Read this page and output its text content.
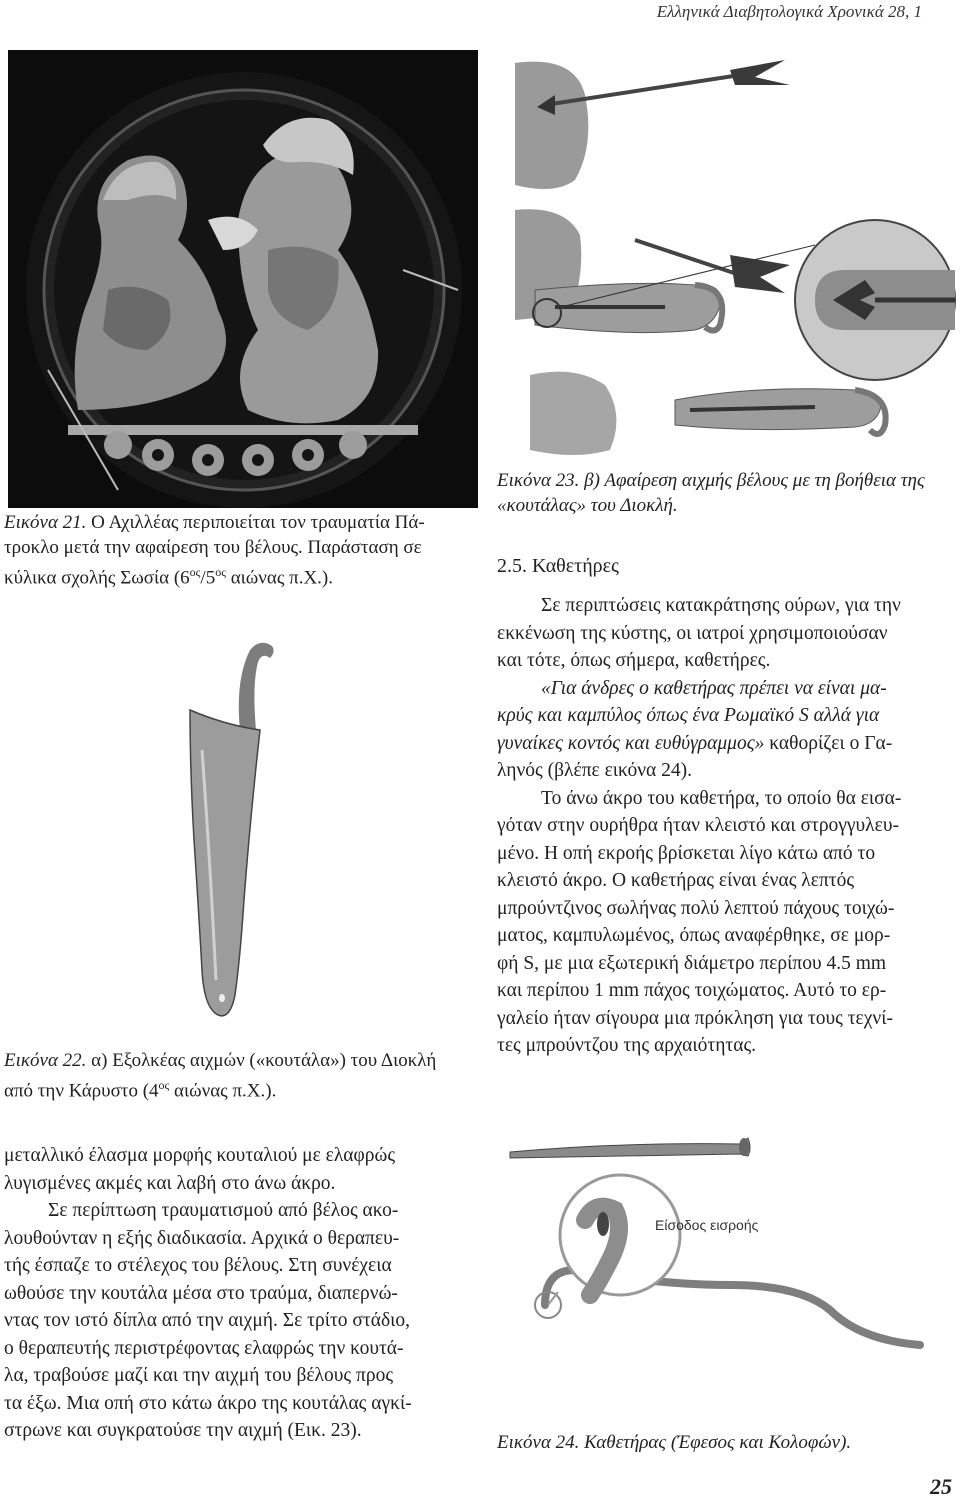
Ελληνικά Διαβητολογικά Χρονικά 28, 1
Εικόνα 21. Ο Αχιλλέας περιποιείται τον τραυματία Πά-
τροκλο μετά την αφαίρεση του βέλους. Παράσταση σε
κύλικα σχολής Σωσία ($6^{o\varsigma}/5^{o\varsigma}$ αιώνας π.Χ.).
Εικόνα 22. α) Εξολκέας αιχμών («κουτάλα») του Διοκλή
από την Κάρυστο ($4^{o\varsigma}$ αιώνας π.Χ.).
Εικόνα 23. β) Αφαίρεση αιχμής βέλους με τη βοήθεια της
«κουτάλας» του Διοκλή.
2.5. Καθετήρες

Σε περιπτώσεις κατακράτησης ούρων, για την
εκκένωση της κύστης, οι ιατροί χρησιμοποιούσαν
και τότε, όπως σήμερα, καθετήρες.

«Για άνδρες ο καθετήρας πρέπει να είναι μα-
κρύς και καμπύλος όπως ένα Ρωμαϊκό S αλλά για
γυναίκες κοντός και ευθύγραμμος» καθορίζει ο Γα-
ληνός (βλέπε εικόνα 24).

Το άνω άκρο του καθετήρα, το οποίο θα εισα-
γόταν στην ουρήθρα ήταν κλειστό και στρογγυλευ-
μένο. Η οπή εκροής βρίσκεται λίγο κάτω από το
κλειστό άκρο. Ο καθετήρας είναι ένας λεπτός
μπρούντζινος σωλήνας πολύ λεπτού πάχους τοιχώ-
ματος, καμπυλωμένος, όπως αναφέρθηκε, σε μορ-
φή S, με μια εξωτερική διάμετρο περίπου 4.5 mm
και περίπου 1 mm πάχος τοιχώματος. Αυτό το ερ-
γαλείο ήταν σίγουρα μια πρόκληση για τους τεχνί-
τες μπρούντζου της αρχαιότητας.

μεταλλικό έλασμα μορφής κουταλιού με ελαφρώς
λυγισμένες ακμές και λαβή στο άνω άκρο.

Σε περίπτωση τραυματισμού από βέλος ακο-
λουθούνταν η εξής διαδικασία. Αρχικά ο θεραπευ-
τής έσπαζε το στέλεχος του βέλους. Στη συνέχεια
ωθούσε την κουτάλα μέσα στο τραύμα, διαπερνώ-
ντας τον ιστό δίπλα από την αιχμή. Σε τρίτο στάδιο,
ο θεραπευτής περιστρέφοντας ελαφρώς την κουτά-
λα, τραβούσε μαζί και την αιχμή του βέλους προς
τα έξω. Μια οπή στο κάτω άκρο της κουτάλας αγκί-
στρωνε και συγκρατούσε την αιχμή (Εικ. 23).

Είσοδος εισροής
Εικόνα 24. Καθετήρας (Έφεσος και Κολοφών).
25
